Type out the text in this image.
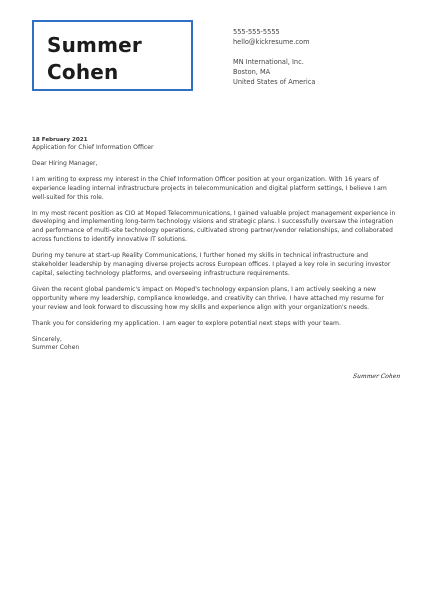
Summer
Cohen
555-555-5555
hello@kickresume.com
MN International, Inc.
Boston, MA
United States of America
18 February 2021
Application for Chief Information Officer

Dear Hiring Manager,

I am writing to express my interest in the Chief Information Officer position at your organization. With 16 years of experience leading internal infrastructure projects in telecommunication and digital platform settings, I believe I am well-suited for this role.

In my most recent position as CIO at Moped Telecommunications, I gained valuable project management experience in developing and implementing long-term technology visions and strategic plans. I successfully oversaw the integration and performance of multi-site technology operations, cultivated strong partner/vendor relationships, and collaborated across functions to identify innovative IT solutions.

During my tenure at start-up Reality Communications, I further honed my skills in technical infrastructure and stakeholder leadership by managing diverse projects across European offices. I played a key role in securing investor capital, selecting technology platforms, and overseeing infrastructure requirements.

Given the recent global pandemic's impact on Moped's technology expansion plans, I am actively seeking a new opportunity where my leadership, compliance knowledge, and creativity can thrive. I have attached my resume for your review and look forward to discussing how my skills and experience align with your organization's needs.

Thank you for considering my application. I am eager to explore potential next steps with your team.

Sincerely,
Summer Cohen
Summer Cohen
